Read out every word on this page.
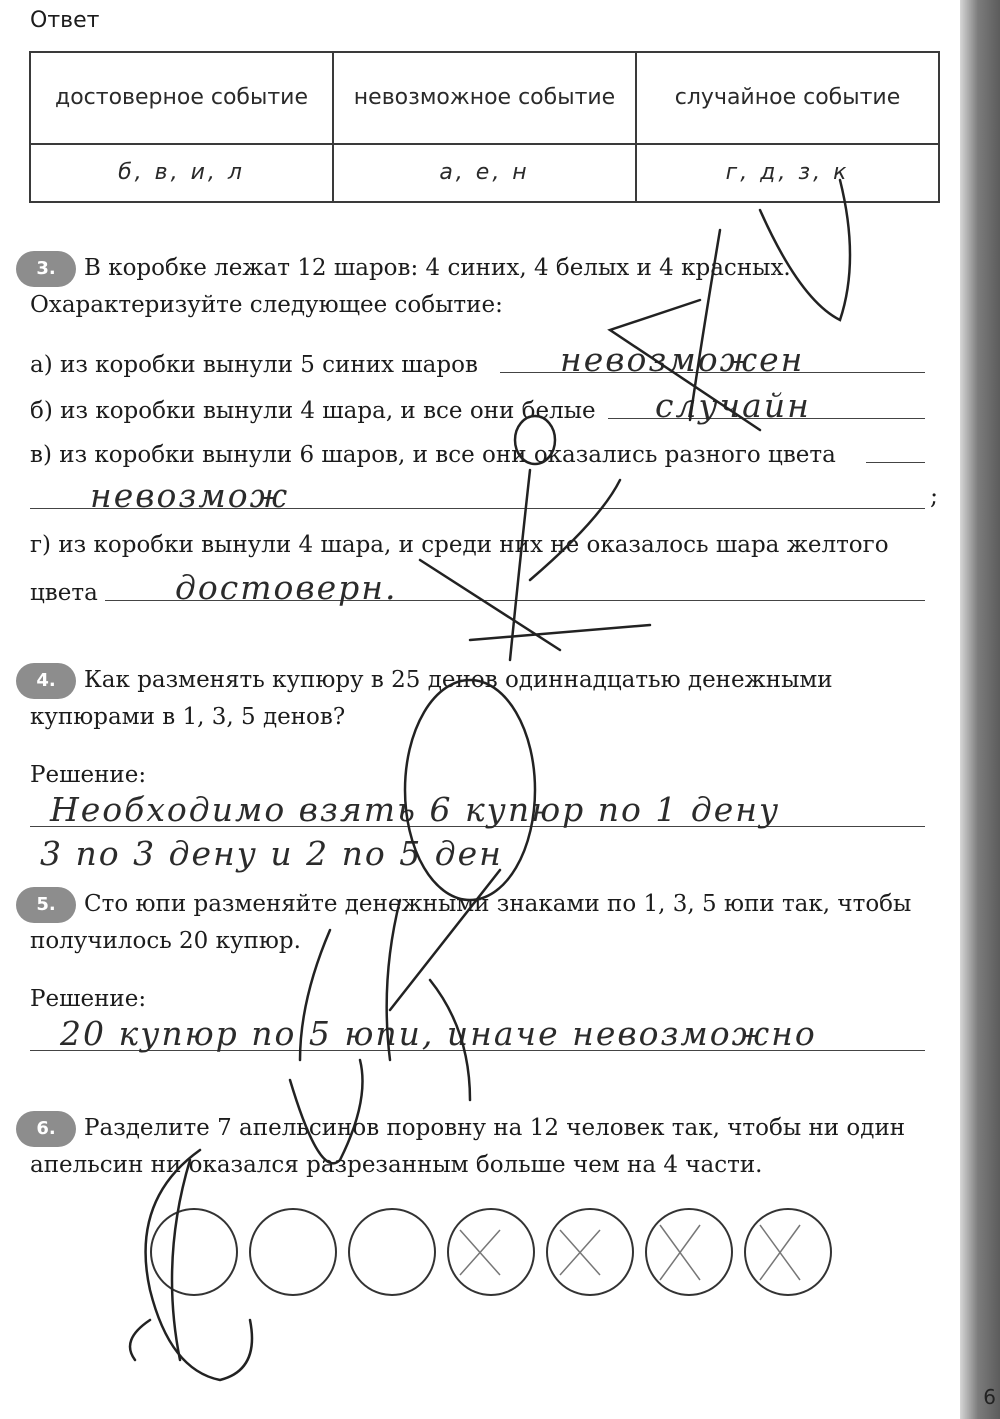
6
Ответ
достоверное событие	невозможное событие	случайное событие
б, в, и, л	а, е, н	г, д, з, к
3. В коробке лежат 12 шаров: 4 синих, 4 белых и 4 красных. Охарактеризуйте следующее событие:
а) из коробки вынули 5 синих шаров невозможен
б) из коробки вынули 4 шара, и все они белые случайн
в) из коробки вынули 6 шаров, и все они оказались разного цвета
невозмож	;
г) из коробки вынули 4 шара, и среди них не оказалось шара желтого
цвета достоверн.
4. Как разменять купюру в 25 денов одиннадцатью денежными купюрами в 1, 3, 5 денов?
Решение:
Необходимо взять 6 купюр по 1 дену
3 по 3 дену и 2 по 5 ден
5. Сто юпи разменяйте денежными знаками по 1, 3, 5 юпи так, чтобы получилось 20 купюр.
Решение:
20 купюр по 5 юпи, иначе невозможно
6. Разделите 7 апельсинов поровну на 12 человек так, чтобы ни один апельсин ни оказался разрезанным больше чем на 4 части.
